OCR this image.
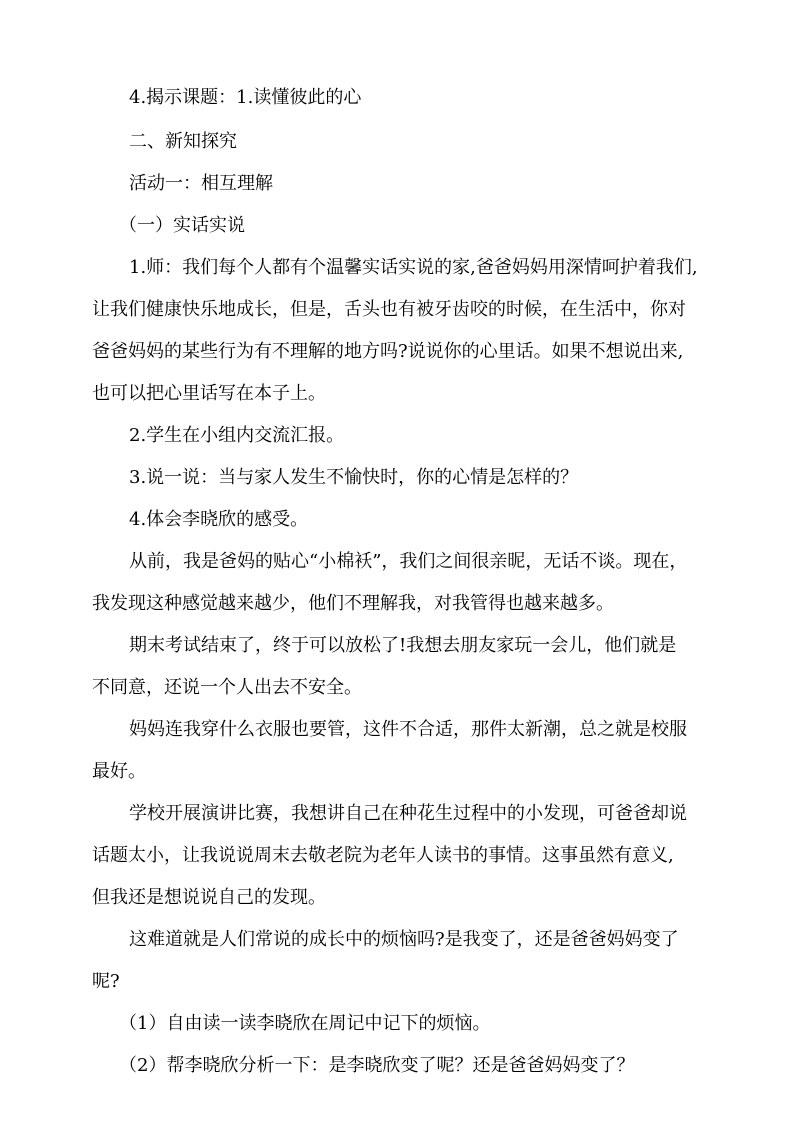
4.揭示课题：1.读懂彼此的心
二、新知探究
活动一：相互理解
（一）实话实说
1.师：我们每个人都有个温馨实话实说的家,爸爸妈妈用深情呵护着我们,
让我们健康快乐地成长，但是，舌头也有被牙齿咬的时候，在生活中，你对
爸爸妈妈的某些行为有不理解的地方吗?说说你的心里话。如果不想说出来,
也可以把心里话写在本子上。
2.学生在小组内交流汇报。
3.说一说：当与家人发生不愉快时，你的心情是怎样的？
4.体会李晓欣的感受。
从前，我是爸妈的贴心“小棉袄”，我们之间很亲昵，无话不谈。现在，
我发现这种感觉越来越少，他们不理解我，对我管得也越来越多。
期末考试结束了，终于可以放松了!我想去朋友家玩一会儿，他们就是
不同意，还说一个人出去不安全。
妈妈连我穿什么衣服也要管，这件不合适，那件太新潮，总之就是校服
最好。
学校开展演讲比赛，我想讲自己在种花生过程中的小发现，可爸爸却说
话题太小，让我说说周末去敬老院为老年人读书的事情。这事虽然有意义,
但我还是想说说自己的发现。
这难道就是人们常说的成长中的烦恼吗?是我变了，还是爸爸妈妈变了
呢?
（1）自由读一读李晓欣在周记中记下的烦恼。
（2）帮李晓欣分析一下：是李晓欣变了呢？还是爸爸妈妈变了？
